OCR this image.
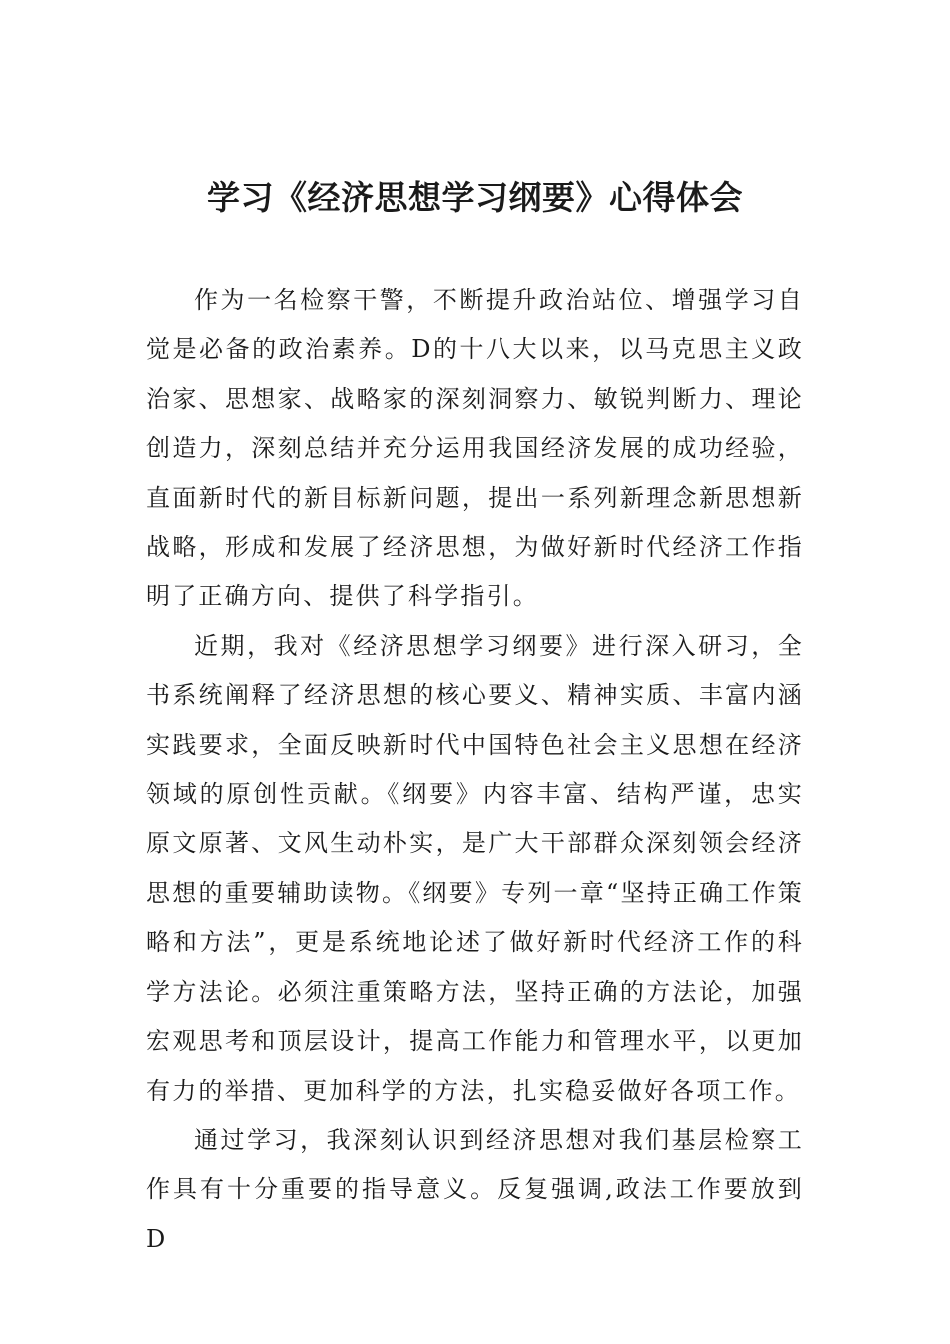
学习《经济思想学习纲要》心得体会

作为一名检察干警，不断提升政治站位、增强学习自觉是必备的政治素养。D的十八大以来，以马克思主义政治家、思想家、战略家的深刻洞察力、敏锐判断力、理论创造力，深刻总结并充分运用我国经济发展的成功经验，直面新时代的新目标新问题，提出一系列新理念新思想新战略，形成和发展了经济思想，为做好新时代经济工作指明了正确方向、提供了科学指引。

近期，我对《经济思想学习纲要》进行深入研习，全书系统阐释了经济思想的核心要义、精神实质、丰富内涵实践要求，全面反映新时代中国特色社会主义思想在经济领域的原创性贡献。《纲要》内容丰富、结构严谨，忠实原文原著、文风生动朴实，是广大干部群众深刻领会经济思想的重要辅助读物。《纲要》专列一章“坚持正确工作策略和方法”，更是系统地论述了做好新时代经济工作的科学方法论。必须注重策略方法，坚持正确的方法论，加强宏观思考和顶层设计，提高工作能力和管理水平，以更加有力的举措、更加科学的方法，扎实稳妥做好各项工作。

通过学习，我深刻认识到经济思想对我们基层检察工作具有十分重要的指导意义。反复强调,政法工作要放到D
